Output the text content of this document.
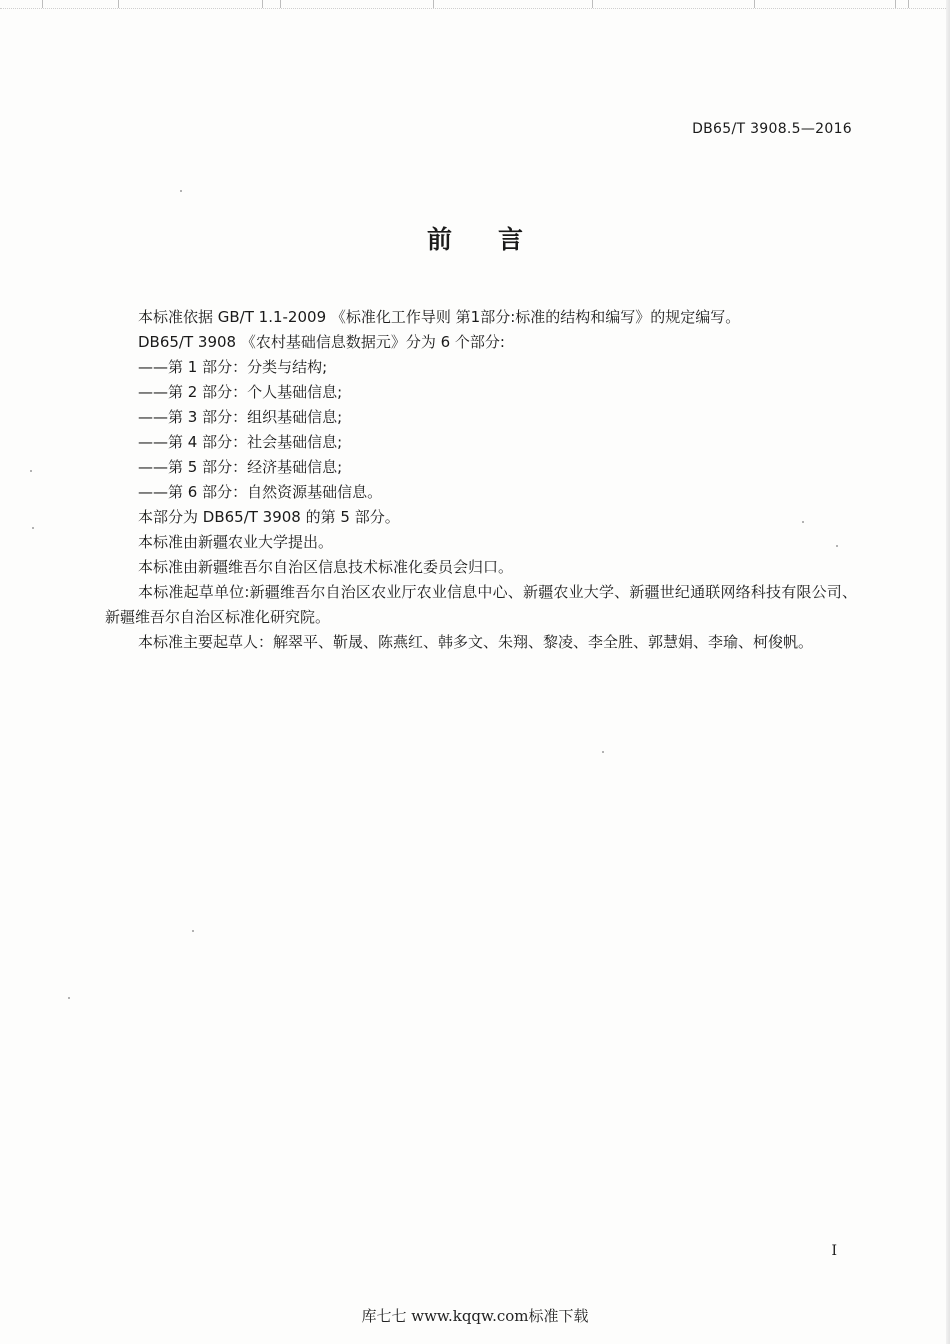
DB65/T 3908.5—2016
前言

本标准依据 GB/T 1.1-2009 《标准化工作导则 第1部分:标准的结构和编写》的规定编写。

DB65/T 3908 《农村基础信息数据元》分为 6 个部分:

——第 1 部分：分类与结构;

——第 2 部分：个人基础信息;

——第 3 部分：组织基础信息;

——第 4 部分：社会基础信息;

——第 5 部分：经济基础信息;

——第 6 部分：自然资源基础信息。

本部分为 DB65/T 3908 的第 5 部分。

本标准由新疆农业大学提出。

本标准由新疆维吾尔自治区信息技术标准化委员会归口。

本标准起草单位:新疆维吾尔自治区农业厅农业信息中心、新疆农业大学、新疆世纪通联网络科技有限公司、新疆维吾尔自治区标准化研究院。

本标准主要起草人：解翠平、靳晟、陈燕红、韩多文、朱翔、黎凌、李全胜、郭慧娟、李瑜、柯俊帆。

I
库七七 www.kqqw.com标准下载
